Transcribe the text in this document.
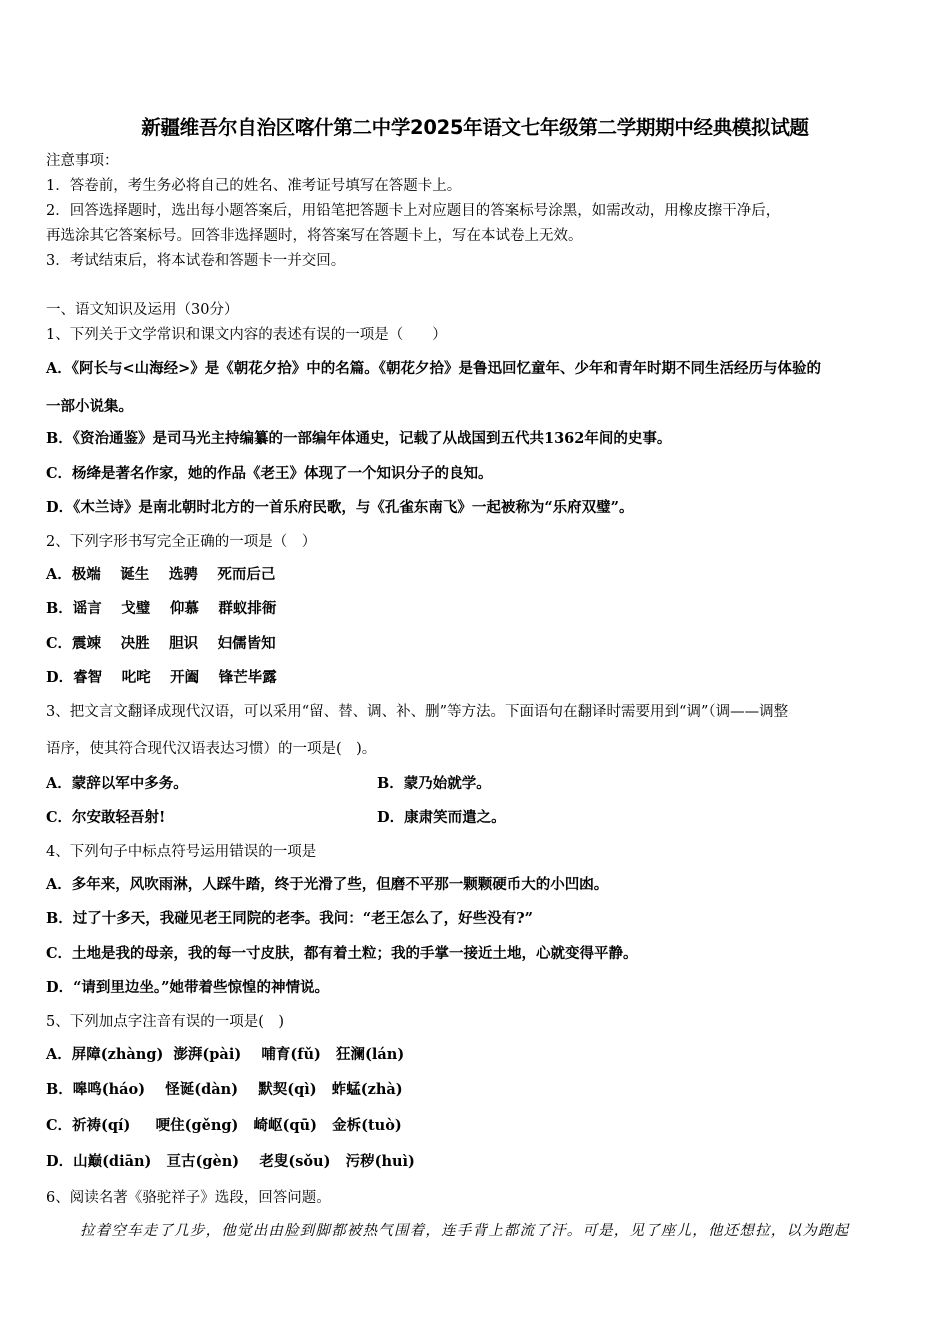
新疆维吾尔自治区喀什第二中学2025年语文七年级第二学期期中经典模拟试题
注意事项：
1．答卷前，考生务必将自己的姓名、准考证号填写在答题卡上。
2．回答选择题时，选出每小题答案后，用铅笔把答题卡上对应题目的答案标号涂黑，如需改动，用橡皮擦干净后，
再选涂其它答案标号。回答非选择题时，将答案写在答题卡上，写在本试卷上无效。
3．考试结束后，将本试卷和答题卡一并交回。
一、语文知识及运用（30分）
1、下列关于文学常识和课文内容的表述有误的一项是（　　）
A．《阿长与<山海经>》是《朝花夕拾》中的名篇。《朝花夕拾》是鲁迅回忆童年、少年和青年时期不同生活经历与体验的
一部小说集。
B．《资治通鉴》是司马光主持编纂的一部编年体通史，记载了从战国到五代共1362年间的史事。
C．杨绛是著名作家，她的作品《老王》体现了一个知识分子的良知。
D．《木兰诗》是南北朝时北方的一首乐府民歌，与《孔雀东南飞》一起被称为“乐府双璧”。
2、下列字形书写完全正确的一项是（　）
A．极端　 诞生　 选骋　 死而后己
B．谣言　 戈璧　 仰慕　 群蚁排衙
C．震竦　 决胜　 胆识　 妇儒皆知
D．睿智　 叱咤　 开阖　 锋芒毕露
3、把文言文翻译成现代汉语，可以采用“留、替、调、补、删”等方法。下面语句在翻译时需要用到“调”（调——调整
语序，使其符合现代汉语表达习惯）的一项是(　)。
A．蒙辞以军中多务。	B．蒙乃始就学。
C．尔安敢轻吾射!	D．康肃笑而遣之。
4、下列句子中标点符号运用错误的一项是
A．多年来，风吹雨淋，人踩牛踏，终于光滑了些，但磨不平那一颗颗硬币大的小凹凼。
B．过了十多天，我碰见老王同院的老李。我问：“老王怎么了，好些没有?”
C．土地是我的母亲，我的每一寸皮肤，都有着土粒；我的手掌一接近土地，心就变得平静。
D．“请到里边坐。”她带着些惊惶的神情说。
5、下列加点字注音有误的一项是(　)
A．屏障(zhàng)  澎湃(pài)    哺育(fǔ)   狂澜(lán)
B．嗥鸣(háo)    怪诞(dàn)    默契(qì)   蚱蜢(zhà)
C．祈祷(qí)     哽住(gěng)   崎岖(qū)   金柝(tuò)
D．山巅(diān)   亘古(gèn)    老叟(sǒu)   污秽(huì)
6、阅读名著《骆驼祥子》选段，回答问题。
拉着空车走了几步，他觉出由脸到脚都被热气围着，连手背上都流了汗。可是，见了座儿，他还想拉，以为跑起
